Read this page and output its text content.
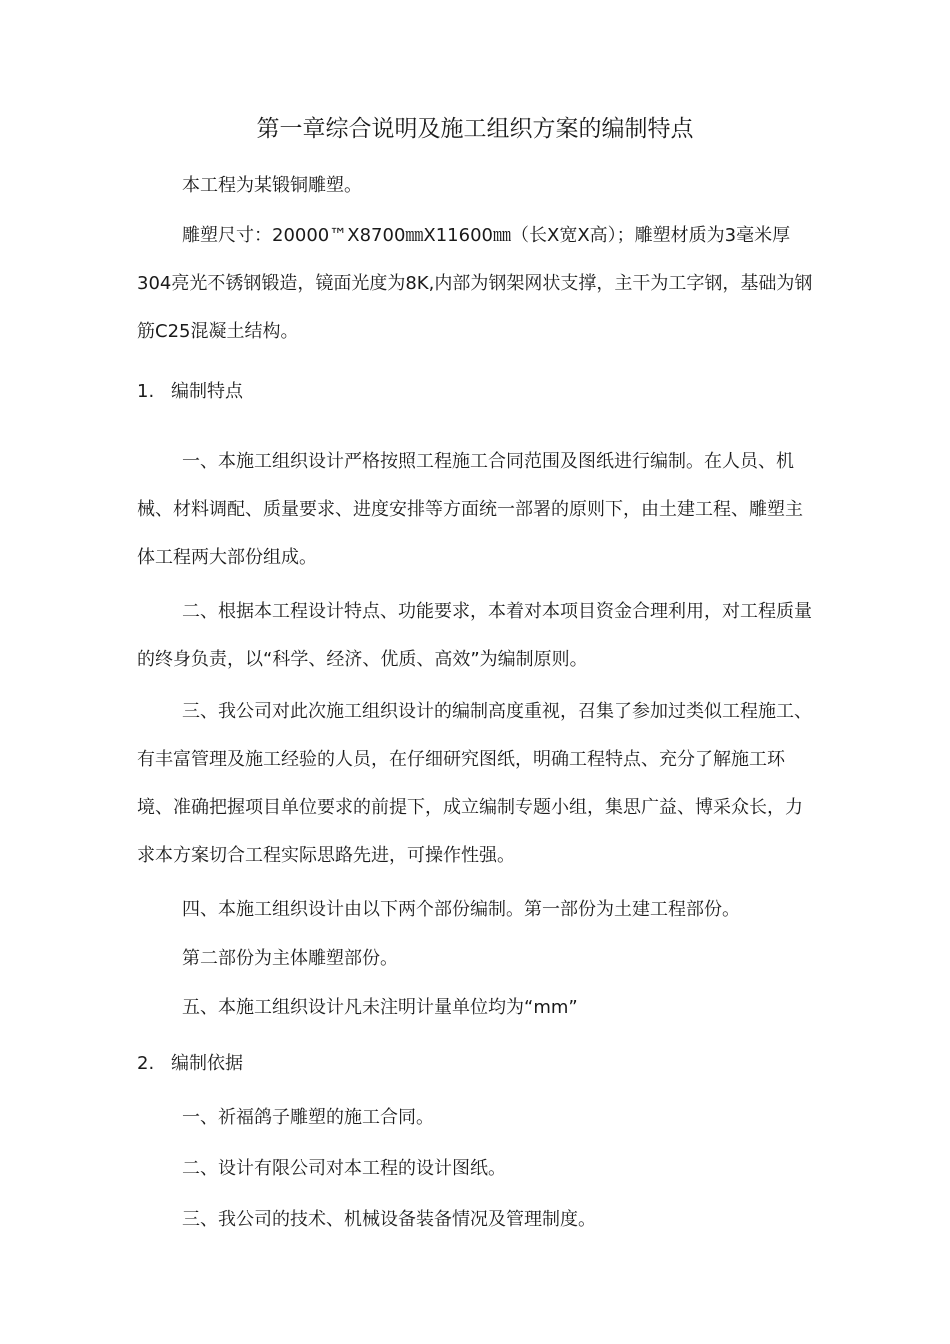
第一章综合说明及施工组织方案的编制特点

本工程为某锻铜雕塑。

雕塑尺寸：20000™X8700㎜X11600㎜（长X宽X高）；雕塑材质为3毫米厚304亮光不锈钢锻造，镜面光度为8K,内部为钢架网状支撑，主干为工字钢，基础为钢筋C25混凝土结构。

1. 编制特点

一、本施工组织设计严格按照工程施工合同范围及图纸进行编制。在人员、机械、材料调配、质量要求、进度安排等方面统一部署的原则下，由土建工程、雕塑主体工程两大部份组成。

二、根据本工程设计特点、功能要求，本着对本项目资金合理利用，对工程质量的终身负责，以“科学、经济、优质、高效”为编制原则。

三、我公司对此次施工组织设计的编制高度重视，召集了参加过类似工程施工、有丰富管理及施工经验的人员，在仔细研究图纸，明确工程特点、充分了解施工环境、准确把握项目单位要求的前提下，成立编制专题小组，集思广益、博采众长，力求本方案切合工程实际思路先进，可操作性强。

四、本施工组织设计由以下两个部份编制。第一部份为土建工程部份。

第二部份为主体雕塑部份。

五、本施工组织设计凡未注明计量单位均为“mm”

2. 编制依据

一、祈福鸽子雕塑的施工合同。

二、设计有限公司对本工程的设计图纸。

三、我公司的技术、机械设备装备情况及管理制度。
